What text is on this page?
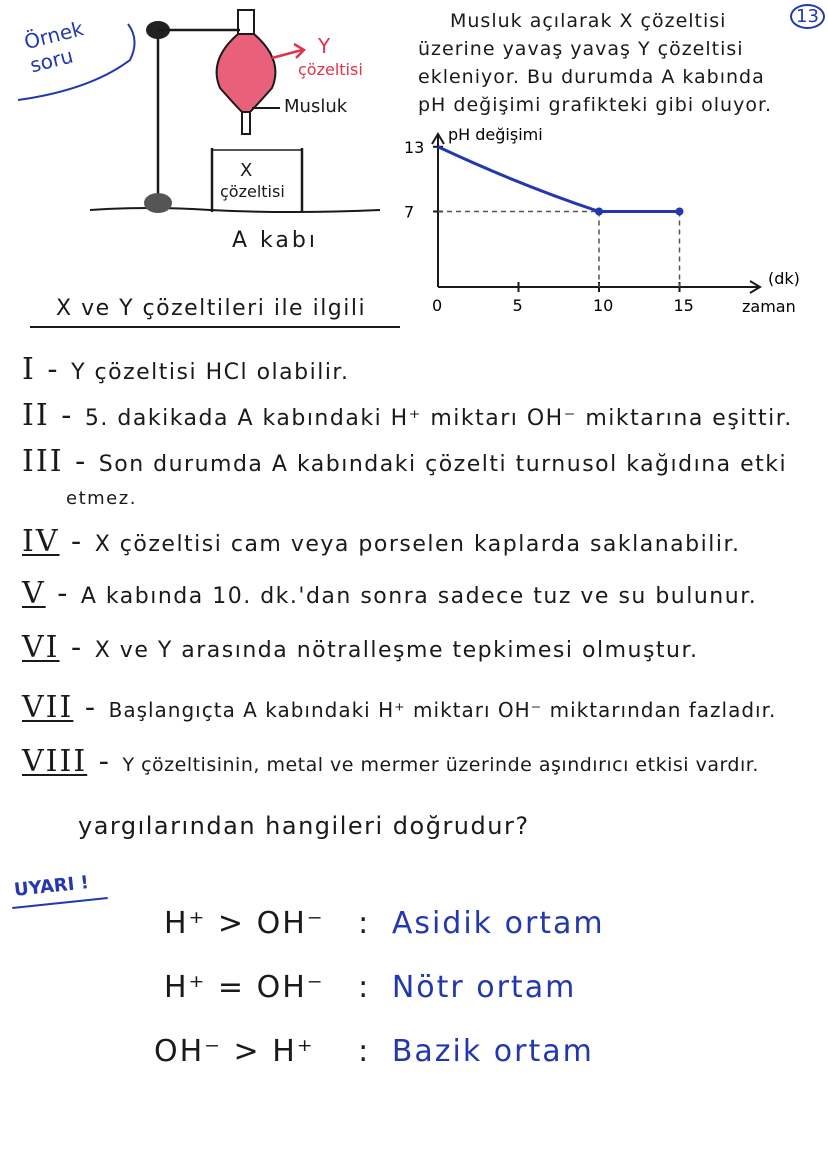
Örnek soru	Y
çözeltisi
Musluk
X
çözeltisi
A kabı
13
Musluk açılarak X çözeltisi
üzerine yavaş yavaş Y çözeltisi
ekleniyor. Bu durumda A kabında
pH değişimi grafikteki gibi oluyor.
pH değişimi
(dk)
zaman
0	5	10	15
13
7
X ve Y çözeltileri ile ilgili
I - Y çözeltisi HCl olabilir.
II - 5. dakikada A kabındaki H⁺ miktarı OH⁻ miktarına eşittir.
III - Son durumda A kabındaki çözelti turnusol kağıdına etki
etmez.
IV - X çözeltisi cam veya porselen kaplarda saklanabilir.
V - A kabında 10. dk.'dan sonra sadece tuz ve su bulunur.
VI - X ve Y arasında nötralleşme tepkimesi olmuştur.
VII - Başlangıçta A kabındaki H⁺ miktarı OH⁻ miktarından fazladır.
VIII - Y çözeltisinin, metal ve mermer üzerinde aşındırıcı etkisi vardır.
yargılarından hangileri doğrudur?
UYARI !
H⁺ > OH⁻ : Asidik ortam
H⁺ = OH⁻ : Nötr ortam
OH⁻ > H⁺ : Bazik ortam
